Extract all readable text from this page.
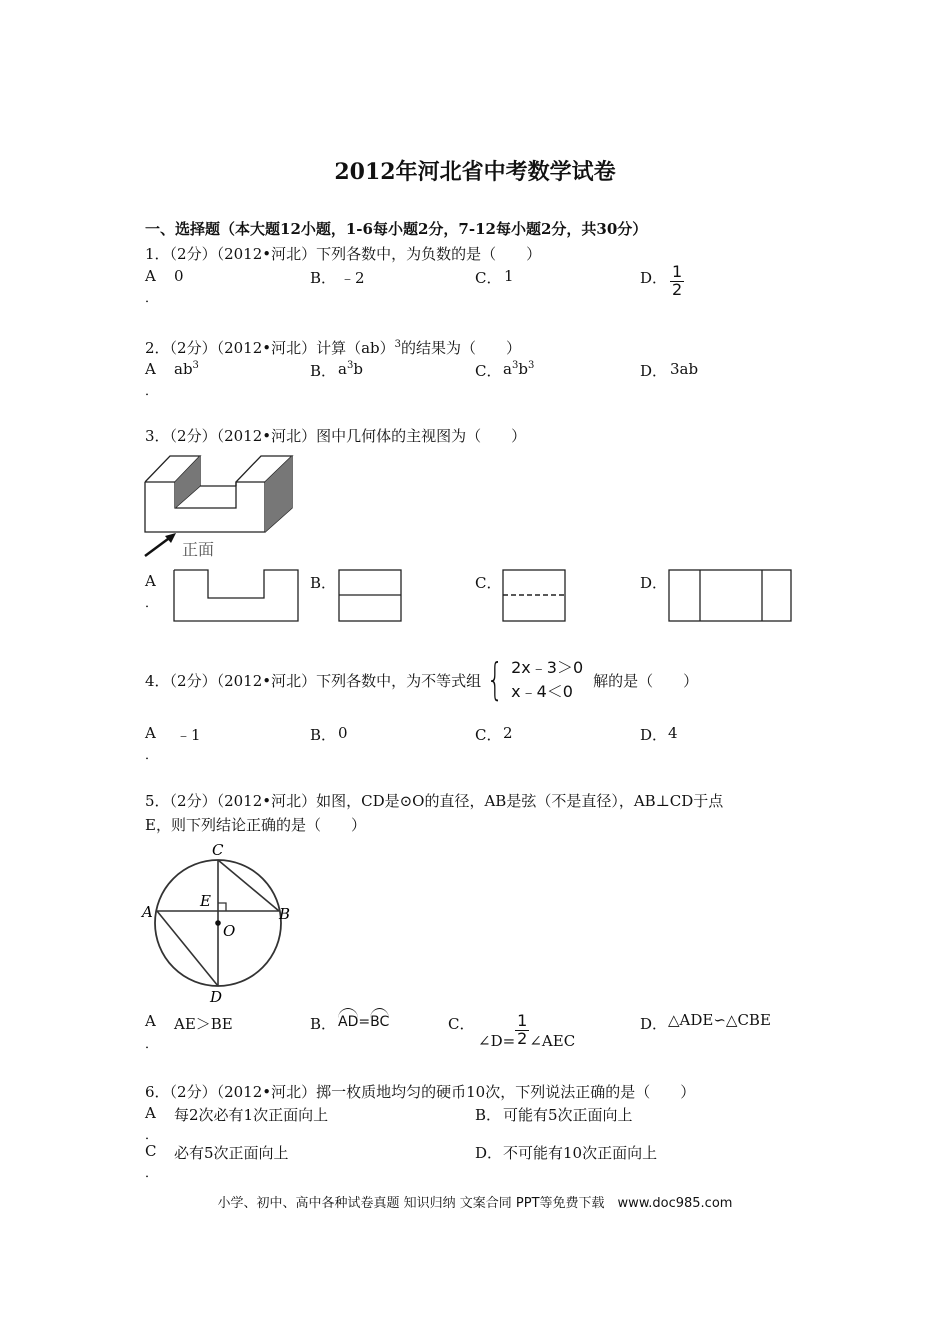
2012年河北省中考数学试卷
一、选择题（本大题12小题，1-6每小题2分，7-12每小题2分，共30分）
1．（2分）（2012•河北）下列各数中，为负数的是（　　）
A
．
0	B． ﹣2	C． 1	D． $\frac{1}{2}$
2．（2分）（2012•河北）计算（ab）$^3$的结果为（　　）
A
．
$ab^3$	B． $a^3b$	C． $a^3b^3$	D． 3ab
3．（2分）（2012•河北）图中几何体的主视图为（　　）
正面
A
．
B．	C．	D．
4．（2分）（2012•河北）下列各数中，为不等式组 { 2x﹣3＞0
x﹣4＜0
解的是（　　）
A
．
﹣1	B． 0	C． 2	D． 4
5．（2分）（2012•河北）如图，CD是⊙O的直径，AB是弦（不是直径），AB⊥CD于点
E，则下列结论正确的是（　　）
C
A
E
B
O
D
A
．
AE＞BE	B． AD=BC	C．
∠D= $\frac{1}{2}$ ∠AEC
D． △ADE∽△CBE
6．（2分）（2012•河北）掷一枚质地均匀的硬币10次，下列说法正确的是（　　）
A
．
每2次必有1次正面向上	B． 可能有5次正面向上
C
．
必有5次正面向上	D． 不可能有10次正面向上
小学、初中、高中各种试卷真题 知识归纳 文案合同 PPT等免费下载　www.doc985.com
